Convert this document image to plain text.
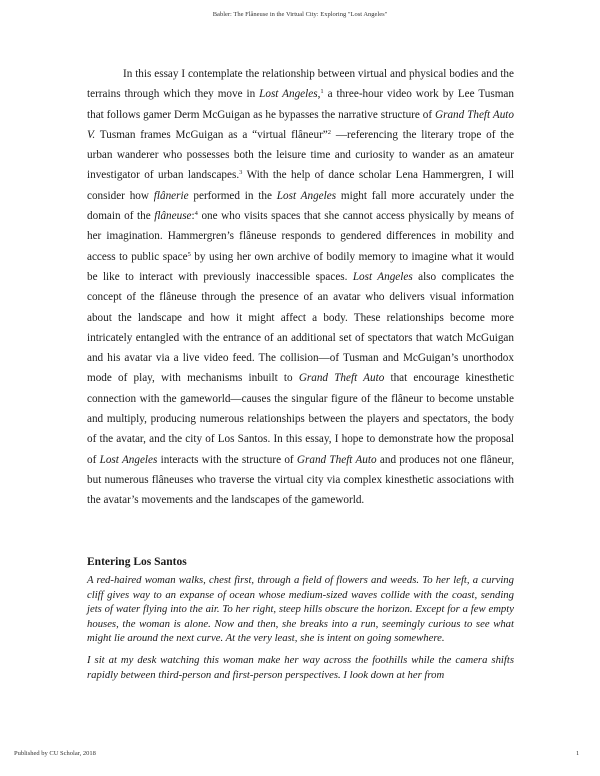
Babler: The Flâneuse in the Virtual City: Exploring "Lost Angeles"

In this essay I contemplate the relationship between virtual and physical bodies and the terrains through which they move in Lost Angeles,$^1$ a three-hour video work by Lee Tusman that follows gamer Derm McGuigan as he bypasses the narrative structure of Grand Theft Auto V. Tusman frames McGuigan as a “virtual flâneur”$^2$ —referencing the literary trope of the urban wanderer who possesses both the leisure time and curiosity to wander as an amateur investigator of urban landscapes.$^3$ With the help of dance scholar Lena Hammergren, I will consider how flânerie performed in the Lost Angeles might fall more accurately under the domain of the flâneuse:$^4$ one who visits spaces that she cannot access physically by means of her imagination. Hammergren’s flâneuse responds to gendered differences in mobility and access to public space$^5$ by using her own archive of bodily memory to imagine what it would be like to interact with previously inaccessible spaces. Lost Angeles also complicates the concept of the flâneuse through the presence of an avatar who delivers visual information about the landscape and how it might affect a body. These relationships become more intricately entangled with the entrance of an additional set of spectators that watch McGuigan and his avatar via a live video feed. The collision—of Tusman and McGuigan’s unorthodox mode of play, with mechanisms inbuilt to Grand Theft Auto that encourage kinesthetic connection with the gameworld—causes the singular figure of the flâneur to become unstable and multiply, producing numerous relationships between the players and spectators, the body of the avatar, and the city of Los Santos. In this essay, I hope to demonstrate how the proposal of Lost Angeles interacts with the structure of Grand Theft Auto and produces not one flâneur, but numerous flâneuses who traverse the virtual city via complex kinesthetic associations with the avatar’s movements and the landscapes of the gameworld.

Entering Los Santos

A red-haired woman walks, chest first, through a field of flowers and weeds. To her left, a curving cliff gives way to an expanse of ocean whose medium-sized waves collide with the coast, sending jets of water flying into the air. To her right, steep hills obscure the horizon. Except for a few empty houses, the woman is alone. Now and then, she breaks into a run, seemingly curious to see what might lie around the next curve. At the very least, she is intent on going somewhere.

I sit at my desk watching this woman make her way across the foothills while the camera shifts rapidly between third-person and first-person perspectives. I look down at her from

Published by CU Scholar, 2018	1
